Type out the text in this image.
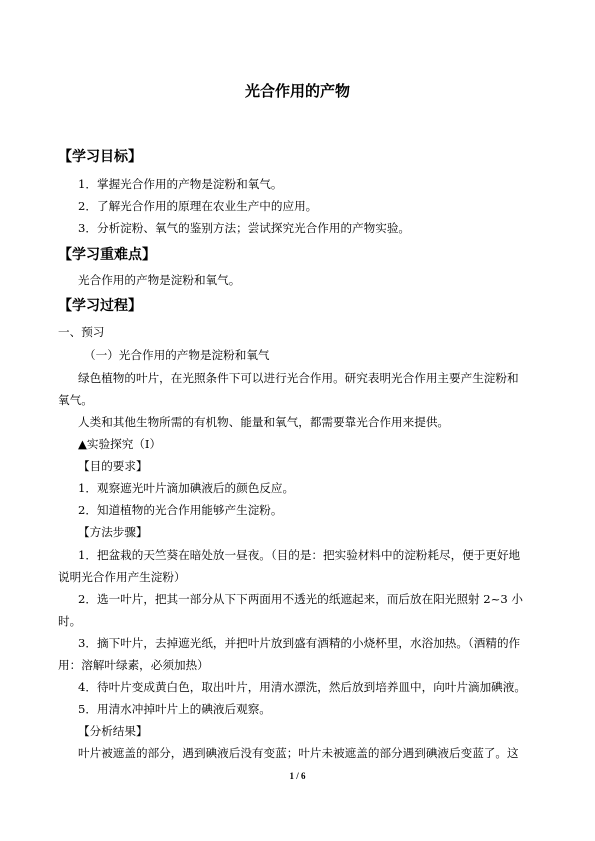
光合作用的产物
【学习目标】
1．掌握光合作用的产物是淀粉和氧气。
2．了解光合作用的原理在农业生产中的应用。
3．分析淀粉、氧气的鉴别方法；尝试探究光合作用的产物实验。
【学习重难点】
光合作用的产物是淀粉和氧气。
【学习过程】
一、预习
（一）光合作用的产物是淀粉和氧气
绿色植物的叶片，在光照条件下可以进行光合作用。研究表明光合作用主要产生淀粉和
氧气。
人类和其他生物所需的有机物、能量和氧气，都需要靠光合作用来提供。
▲实验探究（Ⅰ）
【目的要求】
1．观察遮光叶片滴加碘液后的颜色反应。
2．知道植物的光合作用能够产生淀粉。
【方法步骤】
1．把盆栽的天竺葵在暗处放一昼夜。（目的是：把实验材料中的淀粉耗尽，便于更好地
说明光合作用产生淀粉）
2．选一叶片，把其一部分从下下两面用不透光的纸遮起来，而后放在阳光照射 2~3 小
时。
3．摘下叶片，去掉遮光纸，并把叶片放到盛有酒精的小烧杯里，水浴加热。（酒精的作
用：溶解叶绿素，必须加热）
4．待叶片变成黄白色，取出叶片，用清水漂洗，然后放到培养皿中，向叶片滴加碘液。
5．用清水冲掉叶片上的碘液后观察。
【分析结果】
叶片被遮盖的部分，遇到碘液后没有变蓝；叶片未被遮盖的部分遇到碘液后变蓝了。这
1 / 6
